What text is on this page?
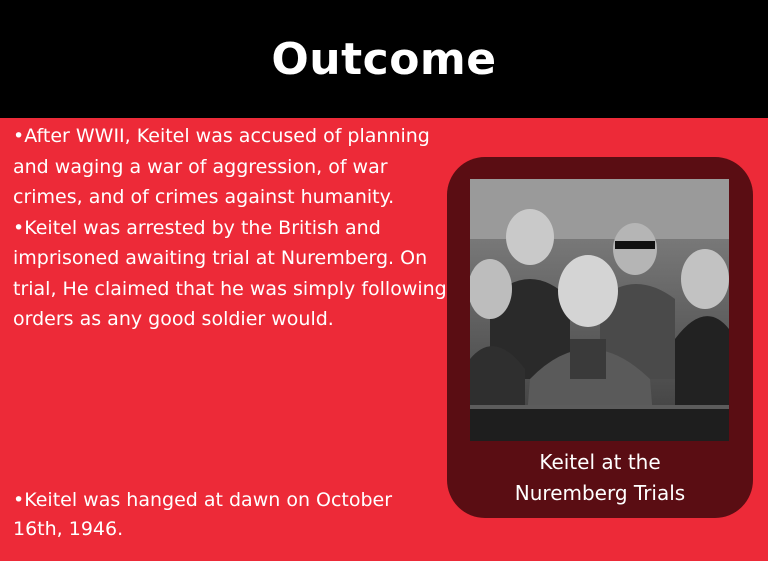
Outcome

•After WWII, Keitel was accused of planning and waging a war of aggression, of war crimes, and of crimes against humanity.

•Keitel was arrested by the British and imprisoned awaiting trial at Nuremberg. On trial, He claimed that he was simply following orders as any good soldier would.

•Keitel was hanged at dawn on October 16th, 1946.
Keitel at the
Nuremberg Trials
